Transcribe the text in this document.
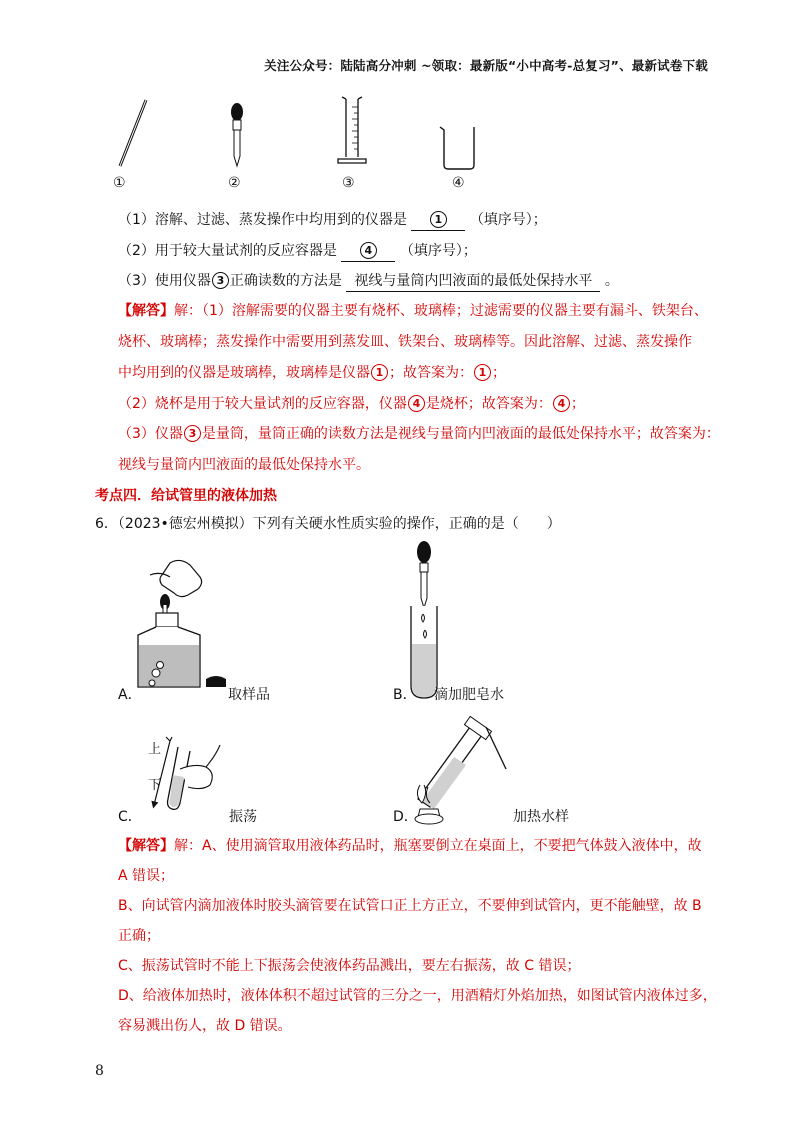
关注公众号：陆陆高分冲刺 ~领取：最新版“小中高考-总复习”、最新试卷下载
①	②	③	④
（1）溶解、过滤、蒸发操作中均用到的仪器是	1 （填序号）；
（2）用于较大量试剂的反应容器是	4 （填序号）；
（3）使用仪器 3 正确读数的方法是 视线与量筒内凹液面的最低处保持水平 。
【解答】解：（1）溶解需要的仪器主要有烧杯、玻璃棒；过滤需要的仪器主要有漏斗、铁架台、
烧杯、玻璃棒；蒸发操作中需要用到蒸发皿、铁架台、玻璃棒等。因此溶解、过滤、蒸发操作
中均用到的仪器是玻璃棒，玻璃棒是仪器 1 ；故答案为： 1 ；
（2）烧杯是用于较大量试剂的反应容器，仪器 4 是烧杯；故答案为： 4 ；
（3）仪器 3 是量筒，量筒正确的读数方法是视线与量筒内凹液面的最低处保持水平；故答案为：
视线与量筒内凹液面的最低处保持水平。
考点四．给试管里的液体加热
6．（2023•德宏州模拟）下列有关硬水性质实验的操作，正确的是（　　）
A．	取样品	B． 滴加肥皂水
上
下
C．	振荡	D．	加热水样
【解答】解：A、使用滴管取用液体药品时，瓶塞要倒立在桌面上，不要把气体鼓入液体中，故
A 错误；
B、向试管内滴加液体时胶头滴管要在试管口正上方正立，不要伸到试管内，更不能触壁，故 B
正确；
C、振荡试管时不能上下振荡会使液体药品溅出，要左右振荡，故 C 错误；
D、给液体加热时，液体体积不超过试管的三分之一，用酒精灯外焰加热，如图试管内液体过多，
容易溅出伤人，故 D 错误。
8
